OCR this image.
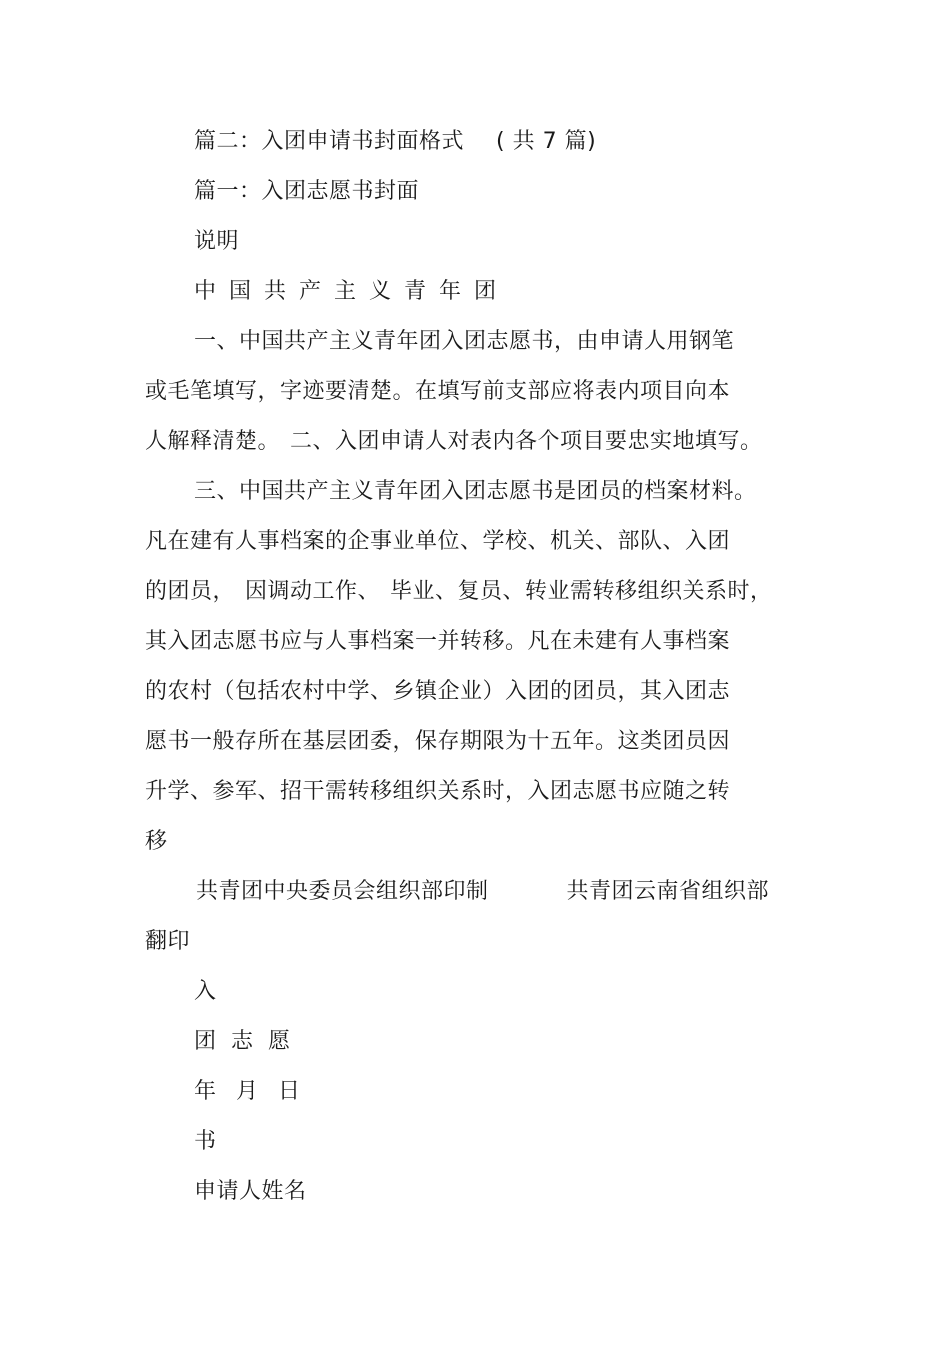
篇二：入团申请书封面格式 ( 共 7 篇)
篇一：入团志愿书封面
说明
中国共产主义青年团
一、中国共产主义青年团入团志愿书，由申请人用钢笔
或毛笔填写，字迹要清楚。在填写前支部应将表内项目向本
人解释清楚。 二、入团申请人对表内各个项目要忠实地填写。
三、中国共产主义青年团入团志愿书是团员的档案材料。
凡在建有人事档案的企事业单位、学校、机关、部队、入团
的团员， 因调动工作、 毕业、复员、转业需转移组织关系时，
其入团志愿书应与人事档案一并转移。凡在未建有人事档案
的农村（包括农村中学、乡镇企业）入团的团员，其入团志
愿书一般存所在基层团委，保存期限为十五年。这类团员因
升学、参军、招干需转移组织关系时，入团志愿书应随之转
移
共青团中央委员会组织部印制	共青团云南省组织部
翻印
入
团 志 愿
年  月  日
书
申请人姓名
